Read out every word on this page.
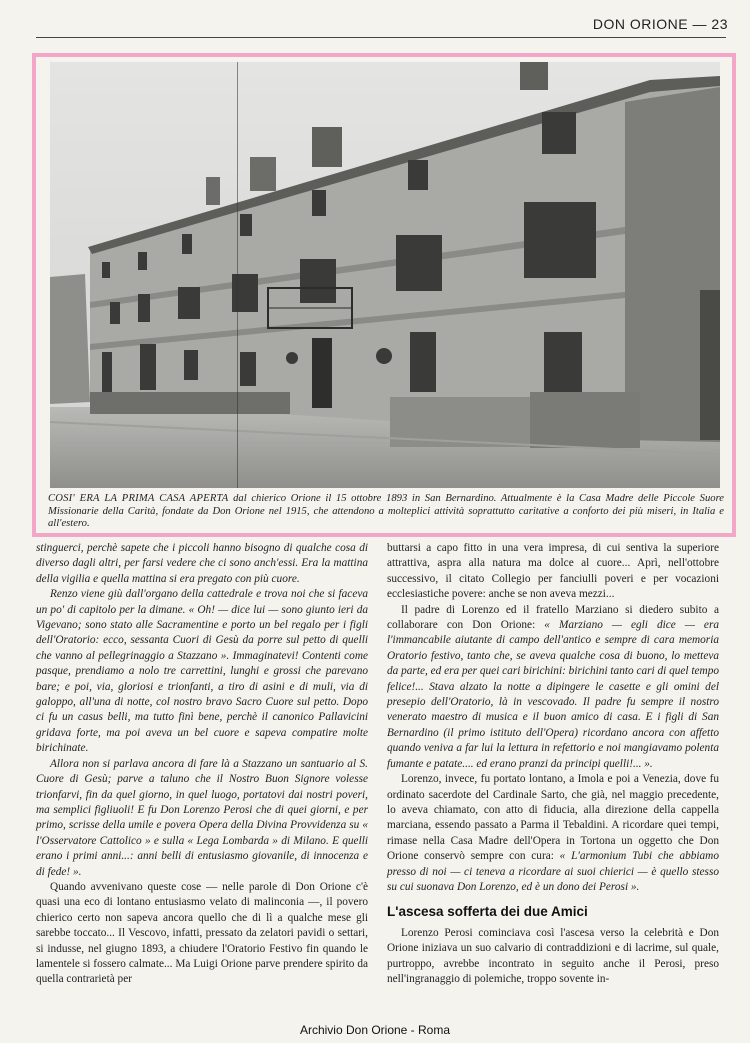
DON ORIONE — 23
COSI' ERA LA PRIMA CASA APERTA dal chierico Orione il 15 ottobre 1893 in San Bernardino. Attualmente è la Casa Madre delle Piccole Suore Missionarie della Carità, fondate da Don Orione nel 1915, che attendono a molteplici attività soprattutto caritative a conforto dei più miseri, in Italia e all'estero.

stinguerci, perchè sapete che i piccoli hanno bisogno di qualche cosa di diverso dagli altri, per farsi vedere che ci sono anch'essi. Era la mattina della vigilia e quella mattina si era pregato con più cuore.

Renzo viene giù dall'organo della cattedrale e trova noi che si faceva un po' di capitolo per la dimane. « Oh! — dice lui — sono giunto ieri da Vigevano; sono stato alle Sacramentine e porto un bel regalo per i figli dell'Oratorio: ecco, sessanta Cuori di Gesù da porre sul petto di quelli che vanno al pellegrinaggio a Stazzano ». Immaginatevi! Contenti come pasque, prendiamo a nolo tre carrettini, lunghi e grossi che parevano bare; e poi, via, gloriosi e trionfanti, a tiro di asini e di muli, via di galoppo, all'una di notte, col nostro bravo Sacro Cuore sul petto. Dopo ci fu un casus belli, ma tutto finì bene, perchè il canonico Pallavicini gridava forte, ma poi aveva un bel cuore e sapeva compatire molte birichinate.

Allora non si parlava ancora di fare là a Stazzano un santuario al S. Cuore di Gesù; parve a taluno che il Nostro Buon Signore volesse trionfarvi, fin da quel giorno, in quel luogo, portatovi dai nostri poveri, ma semplici figliuoli! E fu Don Lorenzo Perosi che di quei giorni, e per primo, scrisse della umile e povera Opera della Divina Provvidenza su « l'Osservatore Cattolico » e sulla « Lega Lombarda » di Milano. E quelli erano i primi anni...: anni belli di entusiasmo giovanile, di innocenza e di fede! ».

Quando avvenivano queste cose — nelle parole di Don Orione c'è quasi una eco di lontano entusiasmo velato di malinconia —, il povero chierico certo non sapeva ancora quello che di lì a qualche mese gli sarebbe toccato... Il Vescovo, infatti, pressato da zelatori pavidi o settari, si indusse, nel giugno 1893, a chiudere l'Oratorio Festivo fin quando le lamentele si fossero calmate... Ma Luigi Orione parve prendere spirito da quella contrarietà per

buttarsi a capo fitto in una vera impresa, di cui sentiva la superiore attrattiva, aspra alla natura ma dolce al cuore... Aprì, nell'ottobre successivo, il citato Collegio per fanciulli poveri e per vocazioni ecclesiastiche povere: anche se non aveva mezzi...

Il padre di Lorenzo ed il fratello Marziano si diedero subito a collaborare con Don Orione: « Marziano — egli dice — era l'immancabile aiutante di campo dell'antico e sempre di cara memoria Oratorio festivo, tanto che, se aveva qualche cosa di buono, lo metteva da parte, ed era per quei cari birichini: birichini tanto cari di quel tempo felice!... Stava alzato la notte a dipingere le casette e gli omini del presepio dell'Oratorio, là in vescovado. Il padre fu sempre il nostro venerato maestro di musica e il buon amico di casa. E i figli di San Bernardino (il primo istituto dell'Opera) ricordano ancora con affetto quando veniva a far lui la lettura in refettorio e noi mangiavamo polenta fumante e patate.... ed erano pranzi da principi quelli!... ».

Lorenzo, invece, fu portato lontano, a Imola e poi a Venezia, dove fu ordinato sacerdote del Cardinale Sarto, che già, nel maggio precedente, lo aveva chiamato, con atto di fiducia, alla direzione della cappella marciana, essendo passato a Parma il Tebaldini. A ricordare quei tempi, rimase nella Casa Madre dell'Opera in Tortona un oggetto che Don Orione conservò sempre con cura: « L'armonium Tubi che abbiamo presso di noi — ci teneva a ricordare ai suoi chierici — è quello stesso su cui suonava Don Lorenzo, ed è un dono dei Perosi ».

L'ascesa sofferta dei due Amici

Lorenzo Perosi cominciava così l'ascesa verso la celebrità e Don Orione iniziava un suo calvario di contraddizioni e di lacrime, sul quale, purtroppo, avrebbe incontrato in seguito anche il Perosi, preso nell'ingranaggio di polemiche, troppo sovente in-

Archivio Don Orione - Roma
